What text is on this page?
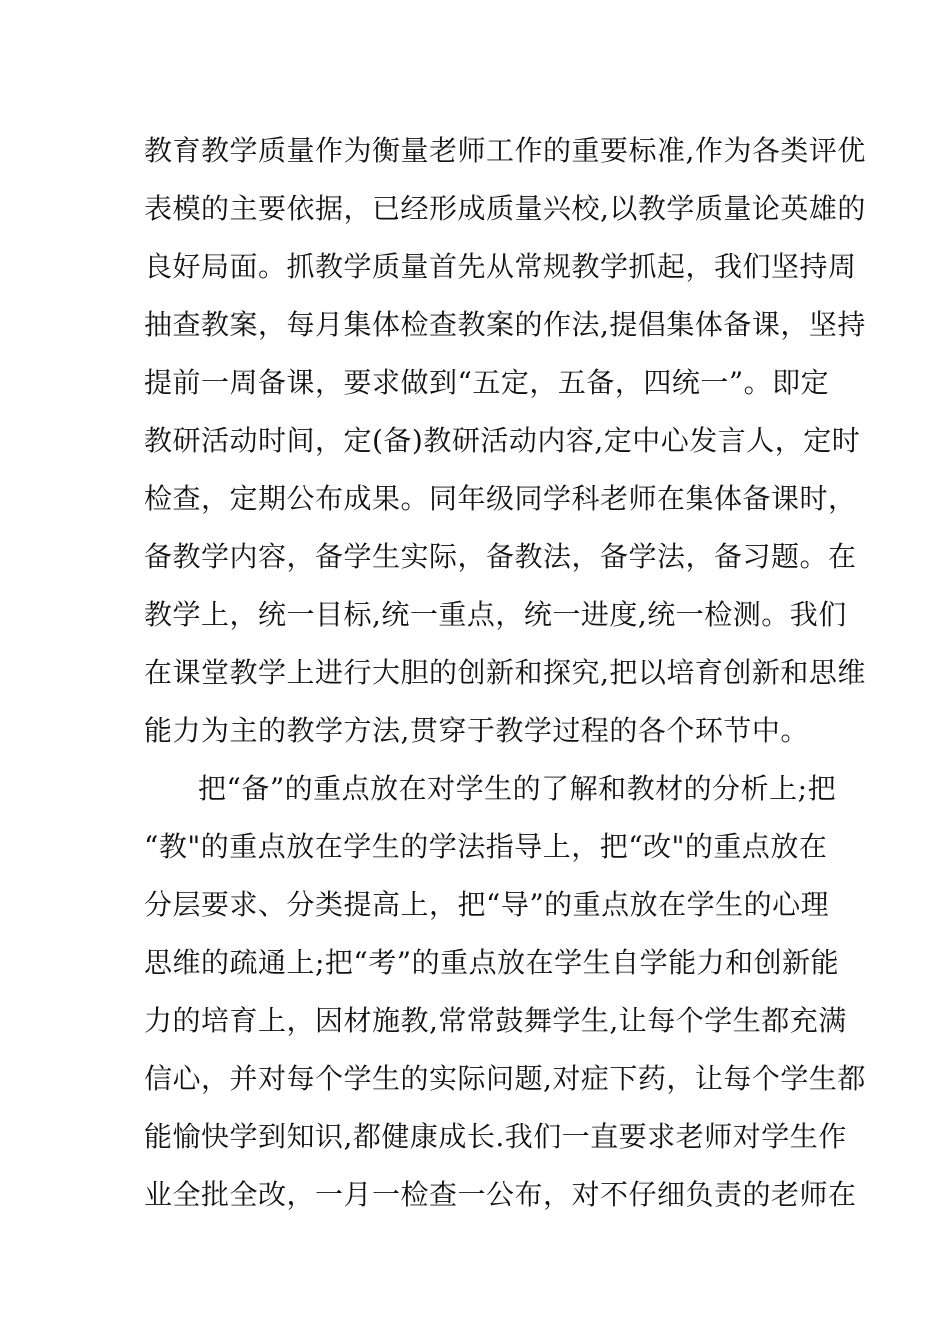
教育教学质量作为衡量老师工作的重要标准,作为各类评优
表模的主要依据，已经形成质量兴校,以教学质量论英雄的
良好局面。抓教学质量首先从常规教学抓起，我们坚持周
抽查教案，每月集体检查教案的作法,提倡集体备课，坚持
提前一周备课，要求做到“五定，五备，四统一”。即定
教研活动时间，定(备)教研活动内容,定中心发言人，定时
检查，定期公布成果。同年级同学科老师在集体备课时，
备教学内容，备学生实际，备教法，备学法，备习题。在
教学上，统一目标,统一重点，统一进度,统一检测。我们
在课堂教学上进行大胆的创新和探究,把以培育创新和思维
能力为主的教学方法,贯穿于教学过程的各个环节中。
把“备”的重点放在对学生的了解和教材的分析上;把
“教"的重点放在学生的学法指导上，把“改"的重点放在
分层要求、分类提高上，把“导”的重点放在学生的心理
思维的疏通上;把“考”的重点放在学生自学能力和创新能
力的培育上，因材施教,常常鼓舞学生,让每个学生都充满
信心，并对每个学生的实际问题,对症下药，让每个学生都
能愉快学到知识,都健康成长.我们一直要求老师对学生作
业全批全改，一月一检查一公布，对不仔细负责的老师在
